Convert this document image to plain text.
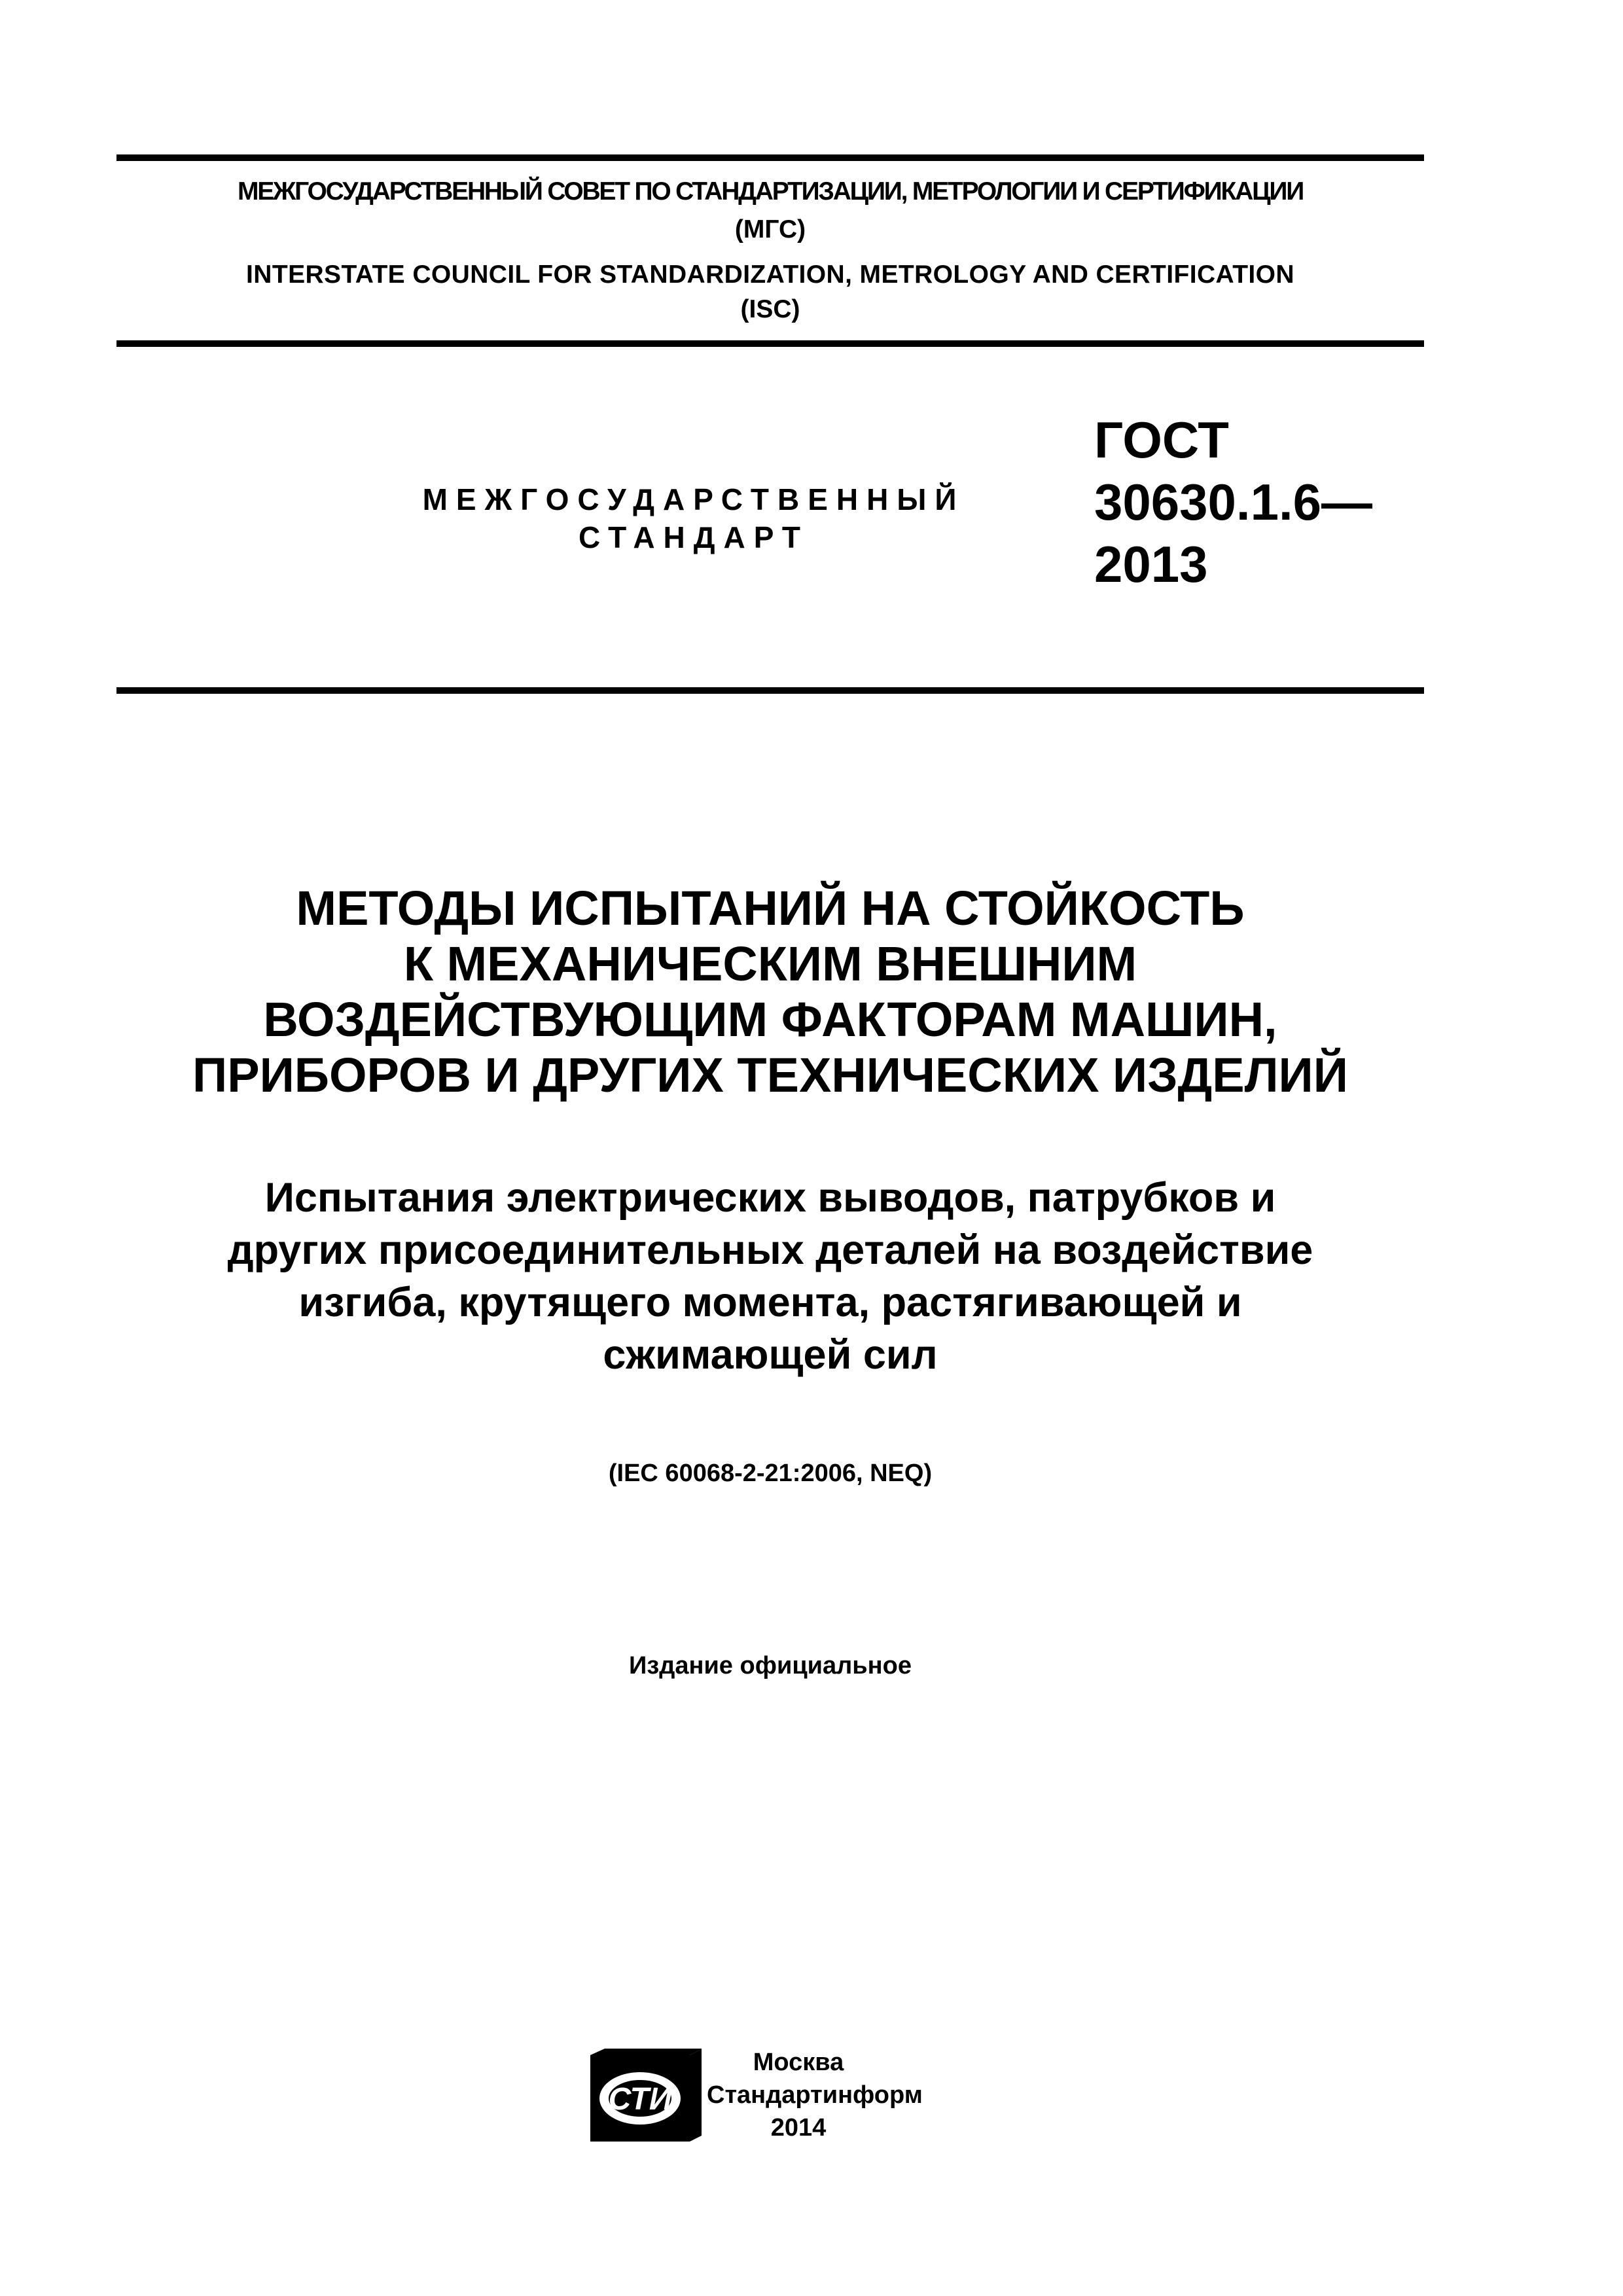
МЕЖГОСУДАРСТВЕННЫЙ СОВЕТ ПО СТАНДАРТИЗАЦИИ, МЕТРОЛОГИИ И СЕРТИФИКАЦИИ
(МГС)
INTERSTATE COUNCIL FOR STANDARDIZATION, METROLOGY AND CERTIFICATION
(ISC)
МЕЖГОСУДАРСТВЕННЫЙ
СТАНДАРТ
ГОСТ
30630.1.6—
2013
МЕТОДЫ ИСПЫТАНИЙ НА СТОЙКОСТЬ
К МЕХАНИЧЕСКИМ ВНЕШНИМ
ВОЗДЕЙСТВУЮЩИМ ФАКТОРАМ МАШИН,
ПРИБОРОВ И ДРУГИХ ТЕХНИЧЕСКИХ ИЗДЕЛИЙ
Испытания электрических выводов, патрубков и
других присоединительных деталей на воздействие
изгиба, крутящего момента, растягивающей и
сжимающей сил
(IEC 60068-2-21:2006, NEQ)
Издание официальное
СТИ
Москва
Стандартинформ
2014
